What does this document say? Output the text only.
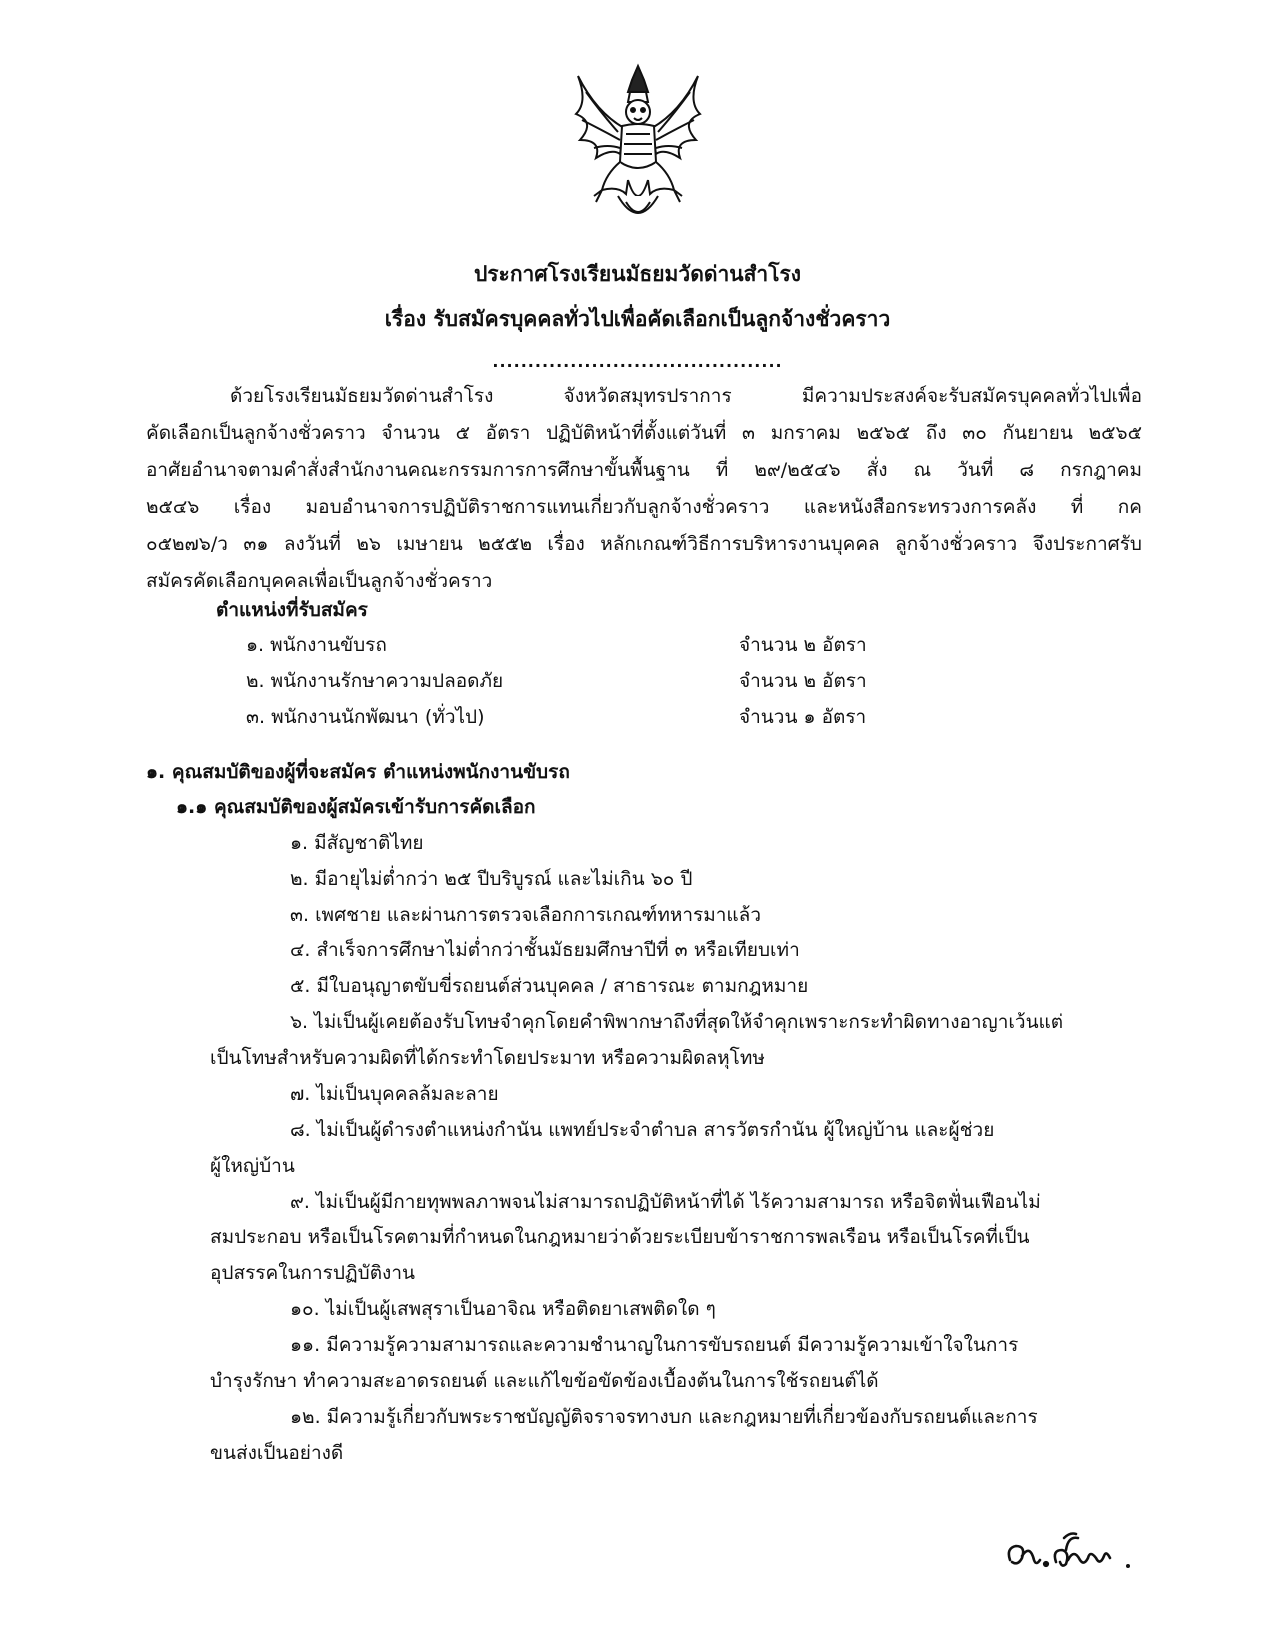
ประกาศโรงเรียนมัธยมวัดด่านสำโรง
เรื่อง รับสมัครบุคคลทั่วไปเพื่อคัดเลือกเป็นลูกจ้างชั่วคราว
.........................................
ด้วยโรงเรียนมัธยมวัดด่านสำโรง จังหวัดสมุทรปราการ มีความประสงค์จะรับสมัครบุคคลทั่วไปเพื่อ
คัดเลือกเป็นลูกจ้างชั่วคราว จำนวน ๕ อัตรา ปฏิบัติหน้าที่ตั้งแต่วันที่ ๓ มกราคม ๒๕๖๕ ถึง ๓๐ กันยายน ๒๕๖๕
อาศัยอำนาจตามคำสั่งสำนักงานคณะกรรมการการศึกษาขั้นพื้นฐาน ที่ ๒๙/๒๕๔๖ สั่ง ณ วันที่ ๘ กรกฎาคม
๒๕๔๖ เรื่อง มอบอำนาจการปฏิบัติราชการแทนเกี่ยวกับลูกจ้างชั่วคราว และหนังสือกระทรวงการคลัง ที่ กค
๐๕๒๗๖/ว ๓๑ ลงวันที่ ๒๖ เมษายน ๒๕๕๒ เรื่อง หลักเกณฑ์วิธีการบริหารงานบุคคล ลูกจ้างชั่วคราว จึงประกาศรับ
สมัครคัดเลือกบุคคลเพื่อเป็นลูกจ้างชั่วคราว
ตำแหน่งที่รับสมัคร
๑. พนักงานขับรถ	จำนวน ๒ อัตรา
๒. พนักงานรักษาความปลอดภัย	จำนวน ๒ อัตรา
๓. พนักงานนักพัฒนา (ทั่วไป)	จำนวน ๑ อัตรา
๑. คุณสมบัติของผู้ที่จะสมัคร ตำแหน่งพนักงานขับรถ
๑.๑ คุณสมบัติของผู้สมัครเข้ารับการคัดเลือก
๑. มีสัญชาติไทย
๒. มีอายุไม่ต่ำกว่า ๒๕ ปีบริบูรณ์ และไม่เกิน ๖๐ ปี
๓. เพศชาย และผ่านการตรวจเลือกการเกณฑ์ทหารมาแล้ว
๔. สำเร็จการศึกษาไม่ต่ำกว่าชั้นมัธยมศึกษาปีที่ ๓ หรือเทียบเท่า
๕. มีใบอนุญาตขับขี่รถยนต์ส่วนบุคคล / สาธารณะ ตามกฎหมาย
๖. ไม่เป็นผู้เคยต้องรับโทษจำคุกโดยคำพิพากษาถึงที่สุดให้จำคุกเพราะกระทำผิดทางอาญาเว้นแต่
เป็นโทษสำหรับความผิดที่ได้กระทำโดยประมาท หรือความผิดลหุโทษ
๗. ไม่เป็นบุคคลล้มละลาย
๘. ไม่เป็นผู้ดำรงตำแหน่งกำนัน แพทย์ประจำตำบล สารวัตรกำนัน ผู้ใหญ่บ้าน และผู้ช่วย
ผู้ใหญ่บ้าน
๙. ไม่เป็นผู้มีกายทุพพลภาพจนไม่สามารถปฏิบัติหน้าที่ได้ ไร้ความสามารถ หรือจิตฟั่นเฟือนไม่
สมประกอบ หรือเป็นโรคตามที่กำหนดในกฎหมายว่าด้วยระเบียบข้าราชการพลเรือน หรือเป็นโรคที่เป็น
อุปสรรคในการปฏิบัติงาน
๑๐. ไม่เป็นผู้เสพสุราเป็นอาจิณ หรือติดยาเสพติดใด ๆ
๑๑. มีความรู้ความสามารถและความชำนาญในการขับรถยนต์ มีความรู้ความเข้าใจในการ
บำรุงรักษา ทำความสะอาดรถยนต์ และแก้ไขข้อขัดข้องเบื้องต้นในการใช้รถยนต์ได้
๑๒. มีความรู้เกี่ยวกับพระราชบัญญัติจราจรทางบก และกฎหมายที่เกี่ยวข้องกับรถยนต์และการ
ขนส่งเป็นอย่างดี
